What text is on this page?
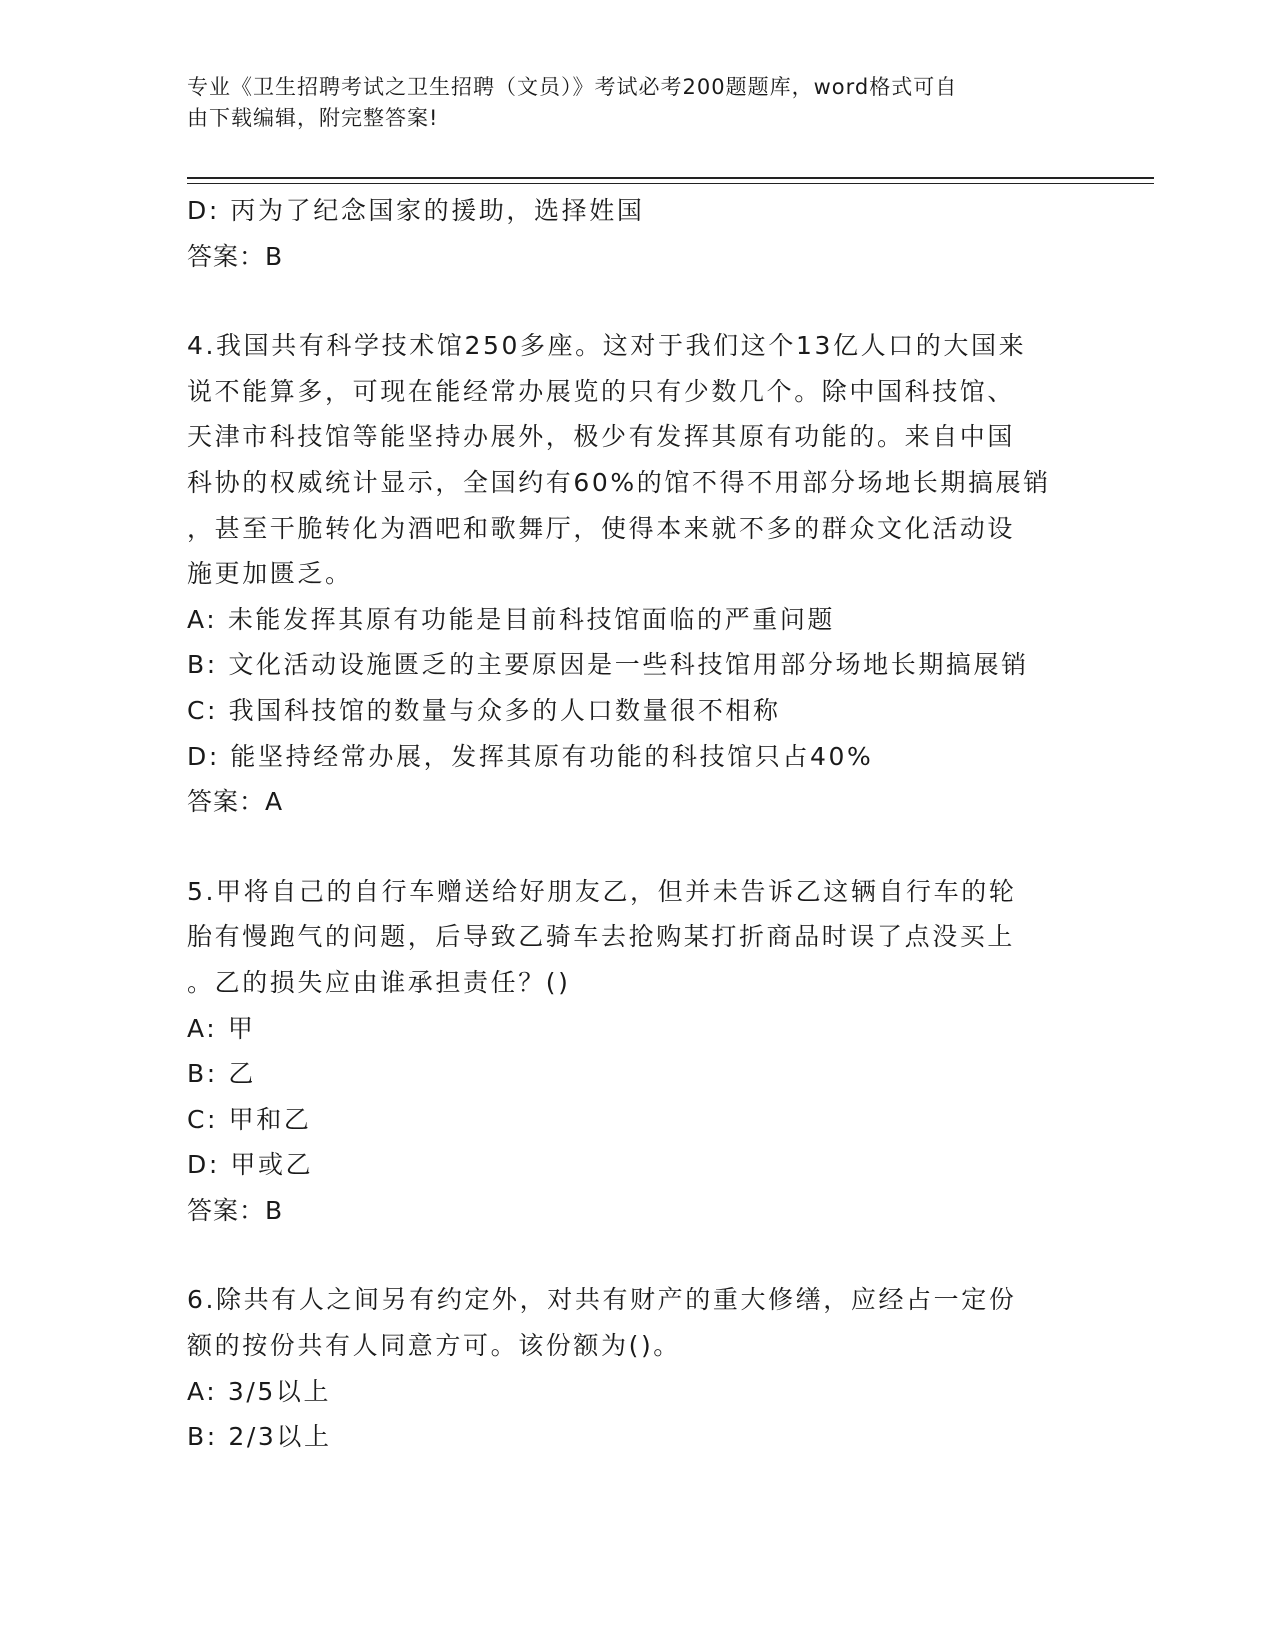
专业《卫生招聘考试之卫生招聘（文员）》考试必考200题题库，word格式可自
由下载编辑，附完整答案!
D: 丙为了纪念国家的援助，选择姓国
答案：B
4.我国共有科学技术馆250多座。这对于我们这个13亿人口的大国来
说不能算多，可现在能经常办展览的只有少数几个。除中国科技馆、
天津市科技馆等能坚持办展外，极少有发挥其原有功能的。来自中国
科协的权威统计显示，全国约有60%的馆不得不用部分场地长期搞展销
，甚至干脆转化为酒吧和歌舞厅，使得本来就不多的群众文化活动设
施更加匮乏。
A: 未能发挥其原有功能是目前科技馆面临的严重问题
B: 文化活动设施匮乏的主要原因是一些科技馆用部分场地长期搞展销
C: 我国科技馆的数量与众多的人口数量很不相称
D: 能坚持经常办展，发挥其原有功能的科技馆只占40%
答案：A
5.甲将自己的自行车赠送给好朋友乙，但并未告诉乙这辆自行车的轮
胎有慢跑气的问题，后导致乙骑车去抢购某打折商品时误了点没买上
。乙的损失应由谁承担责任？()
A: 甲
B: 乙
C: 甲和乙
D: 甲或乙
答案：B
6.除共有人之间另有约定外，对共有财产的重大修缮，应经占一定份
额的按份共有人同意方可。该份额为()。
A: 3/5以上
B: 2/3以上
